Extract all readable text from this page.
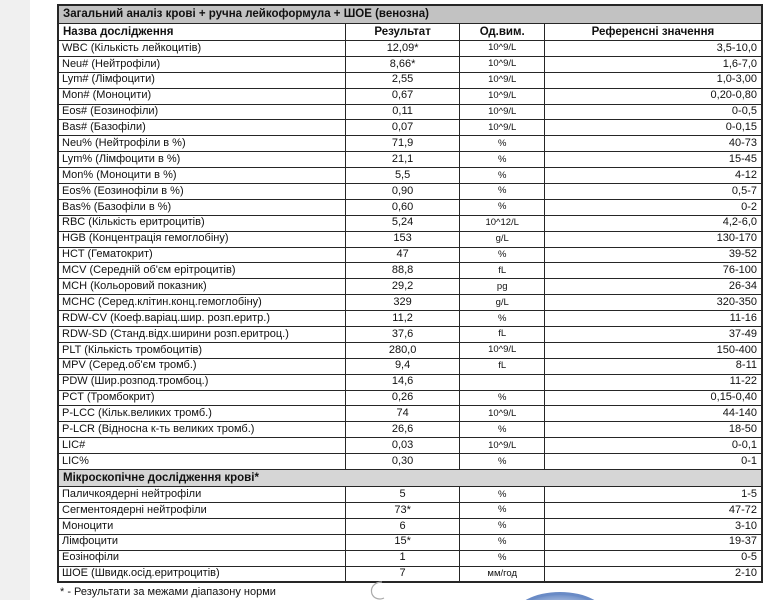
Загальний аналіз крові + ручна лейкоформула + ШОЕ (венозна)			
Назва дослідження	Результат	Од.вим.	Референсні значення
WBC (Кількість лейкоцитів)	12,09*	10^9/L	3,5-10,0
Neu# (Нейтрофіли)	8,66*	10^9/L	1,6-7,0
Lym# (Лімфоцити)	2,55	10^9/L	1,0-3,00
Mon# (Моноцити)	0,67	10^9/L	0,20-0,80
Eos# (Еозинофіли)	0,11	10^9/L	0-0,5
Bas# (Базофіли)	0,07	10^9/L	0-0,15
Neu% (Нейтрофіли в %)	71,9	%	40-73
Lym% (Лімфоцити в %)	21,1	%	15-45
Mon% (Моноцити в %)	5,5	%	4-12
Eos% (Еозинофіли в %)	0,90	%	0,5-7
Bas% (Базофіли в %)	0,60	%	0-2
RBC (Кількість еритроцитів)	5,24	10^12/L	4,2-6,0
HGB (Концентрація гемоглобіну)	153	g/L	130-170
HCT (Гематокрит)	47	%	39-52
MCV (Середній об'єм ерітроцитів)	88,8	fL	76-100
MCH (Кольоровий показник)	29,2	pg	26-34
MCHC (Серед.клітин.конц.гемоглобіну)	329	g/L	320-350
RDW-CV (Коеф.варіац.шир. розп.еритр.)	11,2	%	11-16
RDW-SD (Станд.відх.ширини розп.еритроц.)	37,6	fL	37-49
PLT (Кількість тромбоцитів)	280,0	10^9/L	150-400
MPV (Серед.об'єм тромб.)	9,4	fL	8-11
PDW (Шир.розпод.тромбоц.)	14,6		11-22
PCT (Тромбокрит)	0,26	%	0,15-0,40
P-LCC (Кільк.великих тромб.)	74	10^9/L	44-140
P-LCR (Відносна к-ть великих тромб.)	26,6	%	18-50
LIC#	0,03	10^9/L	0-0,1
LIC%	0,30	%	0-1
Мікроскопічне дослідження крові*			
Паличкоядерні нейтрофіли	5	%	1-5
Сегментоядерні нейтрофіли	73*	%	47-72
Моноцити	6	%	3-10
Лімфоцити	15*	%	19-37
Еозінофіли	1	%	0-5
ШОЕ (Швидк.осід.еритроцитів)	7	мм/год	2-10
* - Результати за межами діапазону норми
